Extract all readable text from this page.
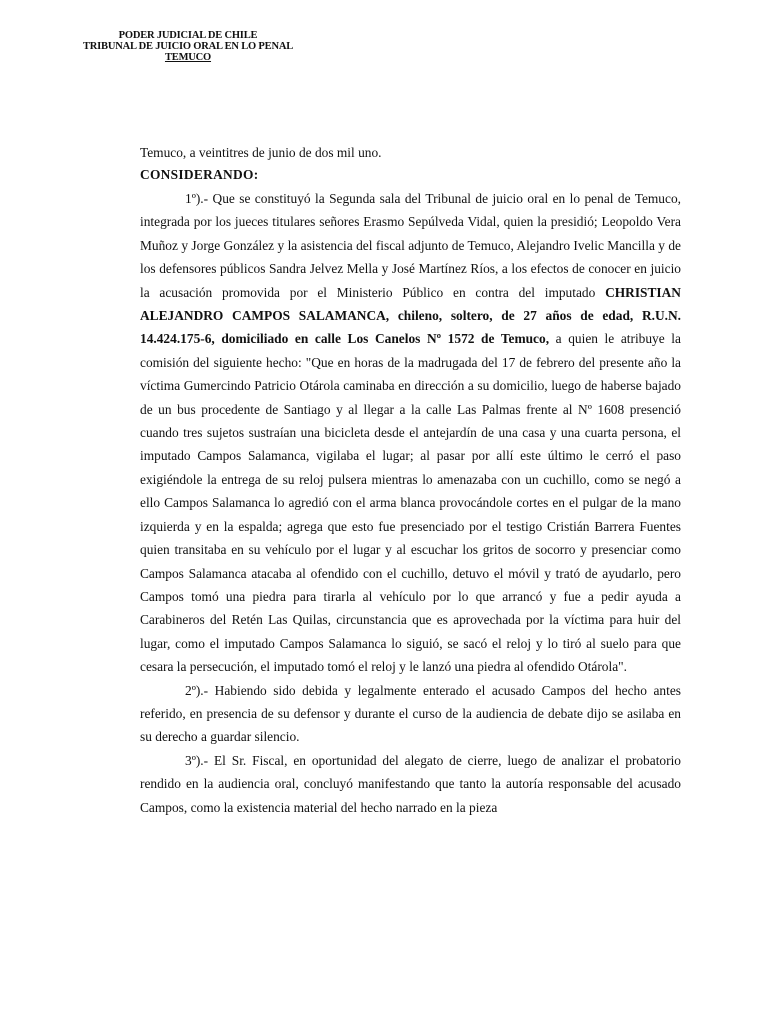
PODER JUDICIAL DE CHILE
TRIBUNAL DE JUICIO ORAL EN LO PENAL
TEMUCO

Temuco, a veintitres de junio de dos mil uno.

CONSIDERANDO:

1º).- Que se constituyó la Segunda sala del Tribunal de juicio oral en lo penal de Temuco, integrada por los jueces titulares señores Erasmo Sepúlveda Vidal, quien la presidió; Leopoldo Vera Muñoz y Jorge González y la asistencia del fiscal adjunto de Temuco, Alejandro Ivelic Mancilla y de los defensores públicos Sandra Jelvez Mella y José Martínez Ríos, a los efectos de conocer en juicio la acusación promovida por el Ministerio Público en contra del imputado CHRISTIAN ALEJANDRO CAMPOS SALAMANCA, chileno, soltero, de 27 años de edad, R.U.N. 14.424.175-6, domiciliado en calle Los Canelos Nº 1572 de Temuco, a quien le atribuye la comisión del siguiente hecho: "Que en horas de la madrugada del 17 de febrero del presente año la víctima Gumercindo Patricio Otárola caminaba en dirección a su domicilio, luego de haberse bajado de un bus procedente de Santiago y al llegar a la calle Las Palmas frente al Nº 1608 presenció cuando tres sujetos sustraían una bicicleta desde el antejardín de una casa y una cuarta persona, el imputado Campos Salamanca, vigilaba el lugar; al pasar por allí este último le cerró el paso exigiéndole la entrega de su reloj pulsera mientras lo amenazaba con un cuchillo, como se negó a ello Campos Salamanca lo agredió con el arma blanca provocándole cortes en el pulgar de la mano izquierda y en la espalda; agrega que esto fue presenciado por el testigo Cristián Barrera Fuentes quien transitaba en su vehículo por el lugar y al escuchar los gritos de socorro y presenciar como Campos Salamanca atacaba al ofendido con el cuchillo, detuvo el móvil y trató de ayudarlo, pero Campos tomó una piedra para tirarla al vehículo por lo que arrancó y fue a pedir ayuda a Carabineros del Retén Las Quilas, circunstancia que es aprovechada por la víctima para huir del lugar, como el imputado Campos Salamanca lo siguió, se sacó el reloj y lo tiró al suelo para que cesara la persecución, el imputado tomó el reloj y le lanzó una piedra al ofendido Otárola".

2º).- Habiendo sido debida y legalmente enterado el acusado Campos del hecho antes referido, en presencia de su defensor y durante el curso de la audiencia de debate dijo se asilaba en su derecho a guardar silencio.

3º).- El Sr. Fiscal, en oportunidad del alegato de cierre, luego de analizar el probatorio rendido en la audiencia oral, concluyó manifestando que tanto la autoría responsable del acusado Campos, como la existencia material del hecho narrado en la pieza
